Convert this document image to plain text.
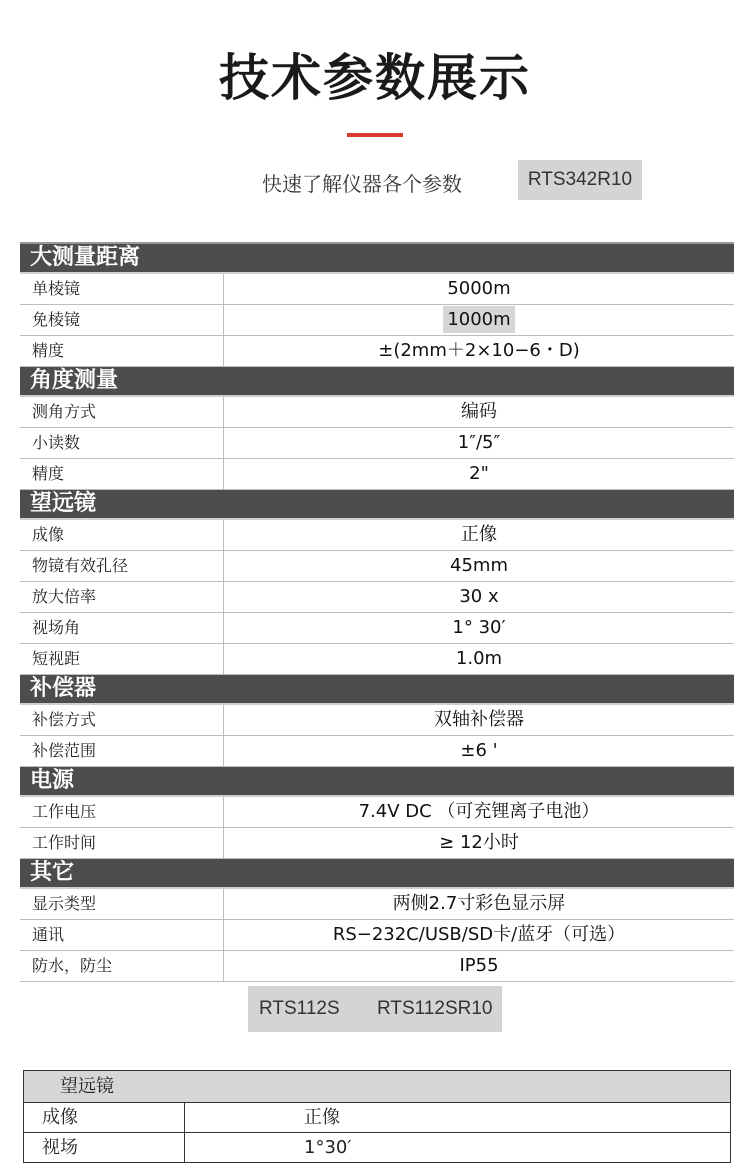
技术参数展示
快速了解仪器各个参数	RTS342R10
大测量距离
单棱镜	5000m
免棱镜	1000m
精度	±(2mm＋2×10−6・D)
角度测量
测角方式	编码
小读数	1″/5″
精度	2"
望远镜
成像	正像
物镜有效孔径	45mm
放大倍率	30 x
视场角	1° 30′
短视距	1.0m
补偿器
补偿方式	双轴补偿器
补偿范围	±6 '
电源
工作电压	7.4V DC （可充锂离子电池）
工作时间	≥ 12小时
其它
显示类型	两侧2.7寸彩色显示屏
通讯	RS−232C/USB/SD卡/蓝牙（可选）
防水，防尘	IP55
RTS112S RTS112SR10
望远镜
成像	正像
视场	1°30′
